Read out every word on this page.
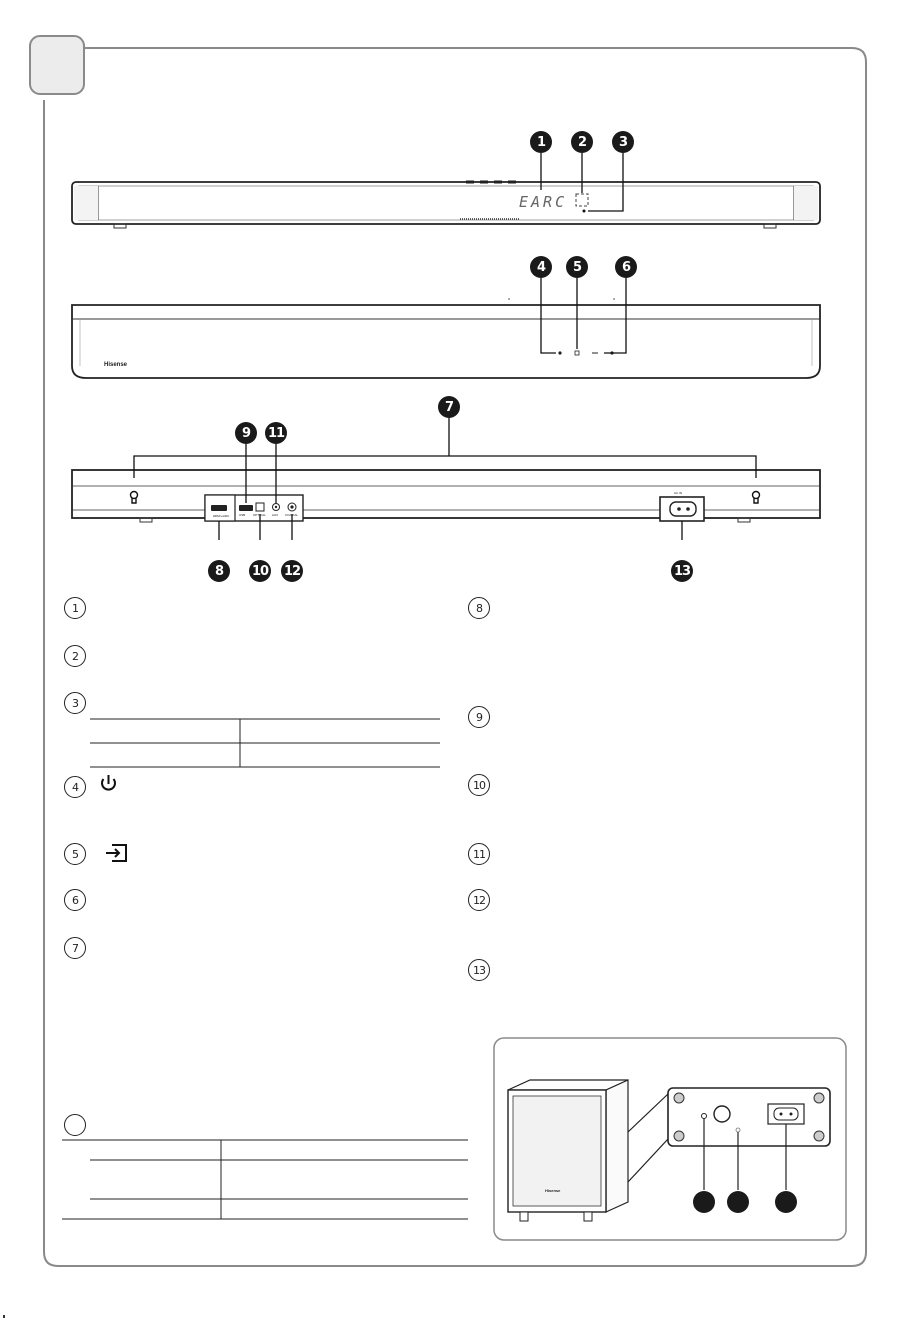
EARC
Hisense
HDMI eARC	USB	OPTICAL AUX COAXIAL
AC IN
1	2	3
4	5	6
7
9	11
8	10 12	13
1
2
3
4
5
6
7
8
9
10
11
12
13
Hisense
